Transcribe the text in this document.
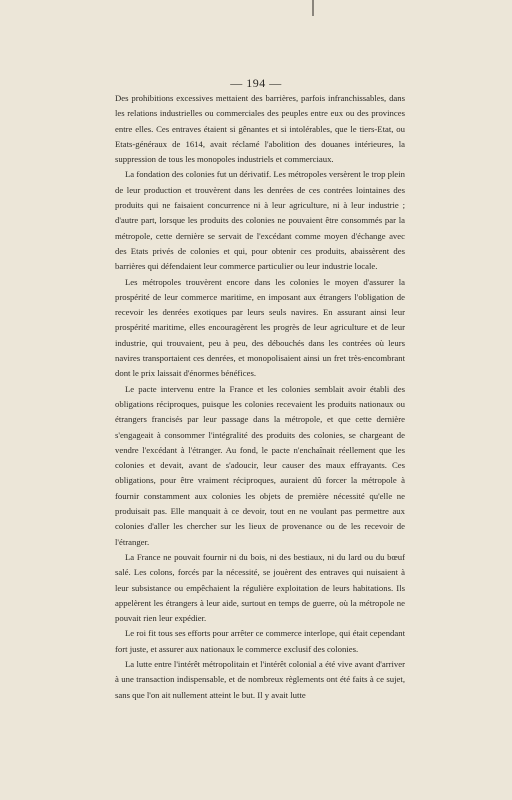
— 194 —

Des prohibitions excessives mettaient des barrières, parfois infranchissables, dans les relations industrielles ou commerciales des peuples entre eux ou des provinces entre elles. Ces entraves étaient si gênantes et si intolérables, que le tiers-Etat, ou Etats-généraux de 1614, avait réclamé l'abolition des douanes intérieures, la suppression de tous les monopoles industriels et commerciaux.

La fondation des colonies fut un dérivatif. Les métropoles versèrent le trop plein de leur production et trouvèrent dans les denrées de ces contrées lointaines des produits qui ne faisaient concurrence ni à leur agriculture, ni à leur industrie ; d'autre part, lorsque les produits des colonies ne pouvaient être consommés par la métropole, cette dernière se servait de l'excédant comme moyen d'échange avec des Etats privés de colonies et qui, pour obtenir ces produits, abaissèrent des barrières qui défendaient leur commerce particulier ou leur industrie locale.

Les métropoles trouvèrent encore dans les colonies le moyen d'assurer la prospérité de leur commerce maritime, en imposant aux étrangers l'obligation de recevoir les denrées exotiques par leurs seuls navires. En assurant ainsi leur prospérité maritime, elles encouragèrent les progrès de leur agriculture et de leur industrie, qui trouvaient, peu à peu, des débouchés dans les contrées où leurs navires transportaient ces denrées, et monopolisaient ainsi un fret très-encombrant dont le prix laissait d'énormes bénéfices.

Le pacte intervenu entre la France et les colonies semblait avoir établi des obligations réciproques, puisque les colonies recevaient les produits nationaux ou étrangers francisés par leur passage dans la métropole, et que cette dernière s'engageait à consommer l'intégralité des produits des colonies, se chargeant de vendre l'excédant à l'étranger. Au fond, le pacte n'enchaînait réellement que les colonies et devait, avant de s'adoucir, leur causer des maux effrayants. Ces obligations, pour être vraiment réciproques, auraient dû forcer la métropole à fournir constamment aux colonies les objets de première nécessité qu'elle ne produisait pas. Elle manquait à ce devoir, tout en ne voulant pas permettre aux colonies d'aller les chercher sur les lieux de provenance ou de les recevoir de l'étranger.

La France ne pouvait fournir ni du bois, ni des bestiaux, ni du lard ou du bœuf salé. Les colons, forcés par la nécessité, se jouèrent des entraves qui nuisaient à leur subsistance ou empêchaient la régulière exploitation de leurs habitations. Ils appelèrent les étrangers à leur aide, surtout en temps de guerre, où la métropole ne pouvait rien leur expédier.

Le roi fit tous ses efforts pour arrêter ce commerce interlope, qui était cependant fort juste, et assurer aux nationaux le commerce exclusif des colonies.

La lutte entre l'intérêt métropolitain et l'intérêt colonial a été vive avant d'arriver à une transaction indispensable, et de nombreux règlements ont été faits à ce sujet, sans que l'on ait nullement atteint le but. Il y avait lutte
